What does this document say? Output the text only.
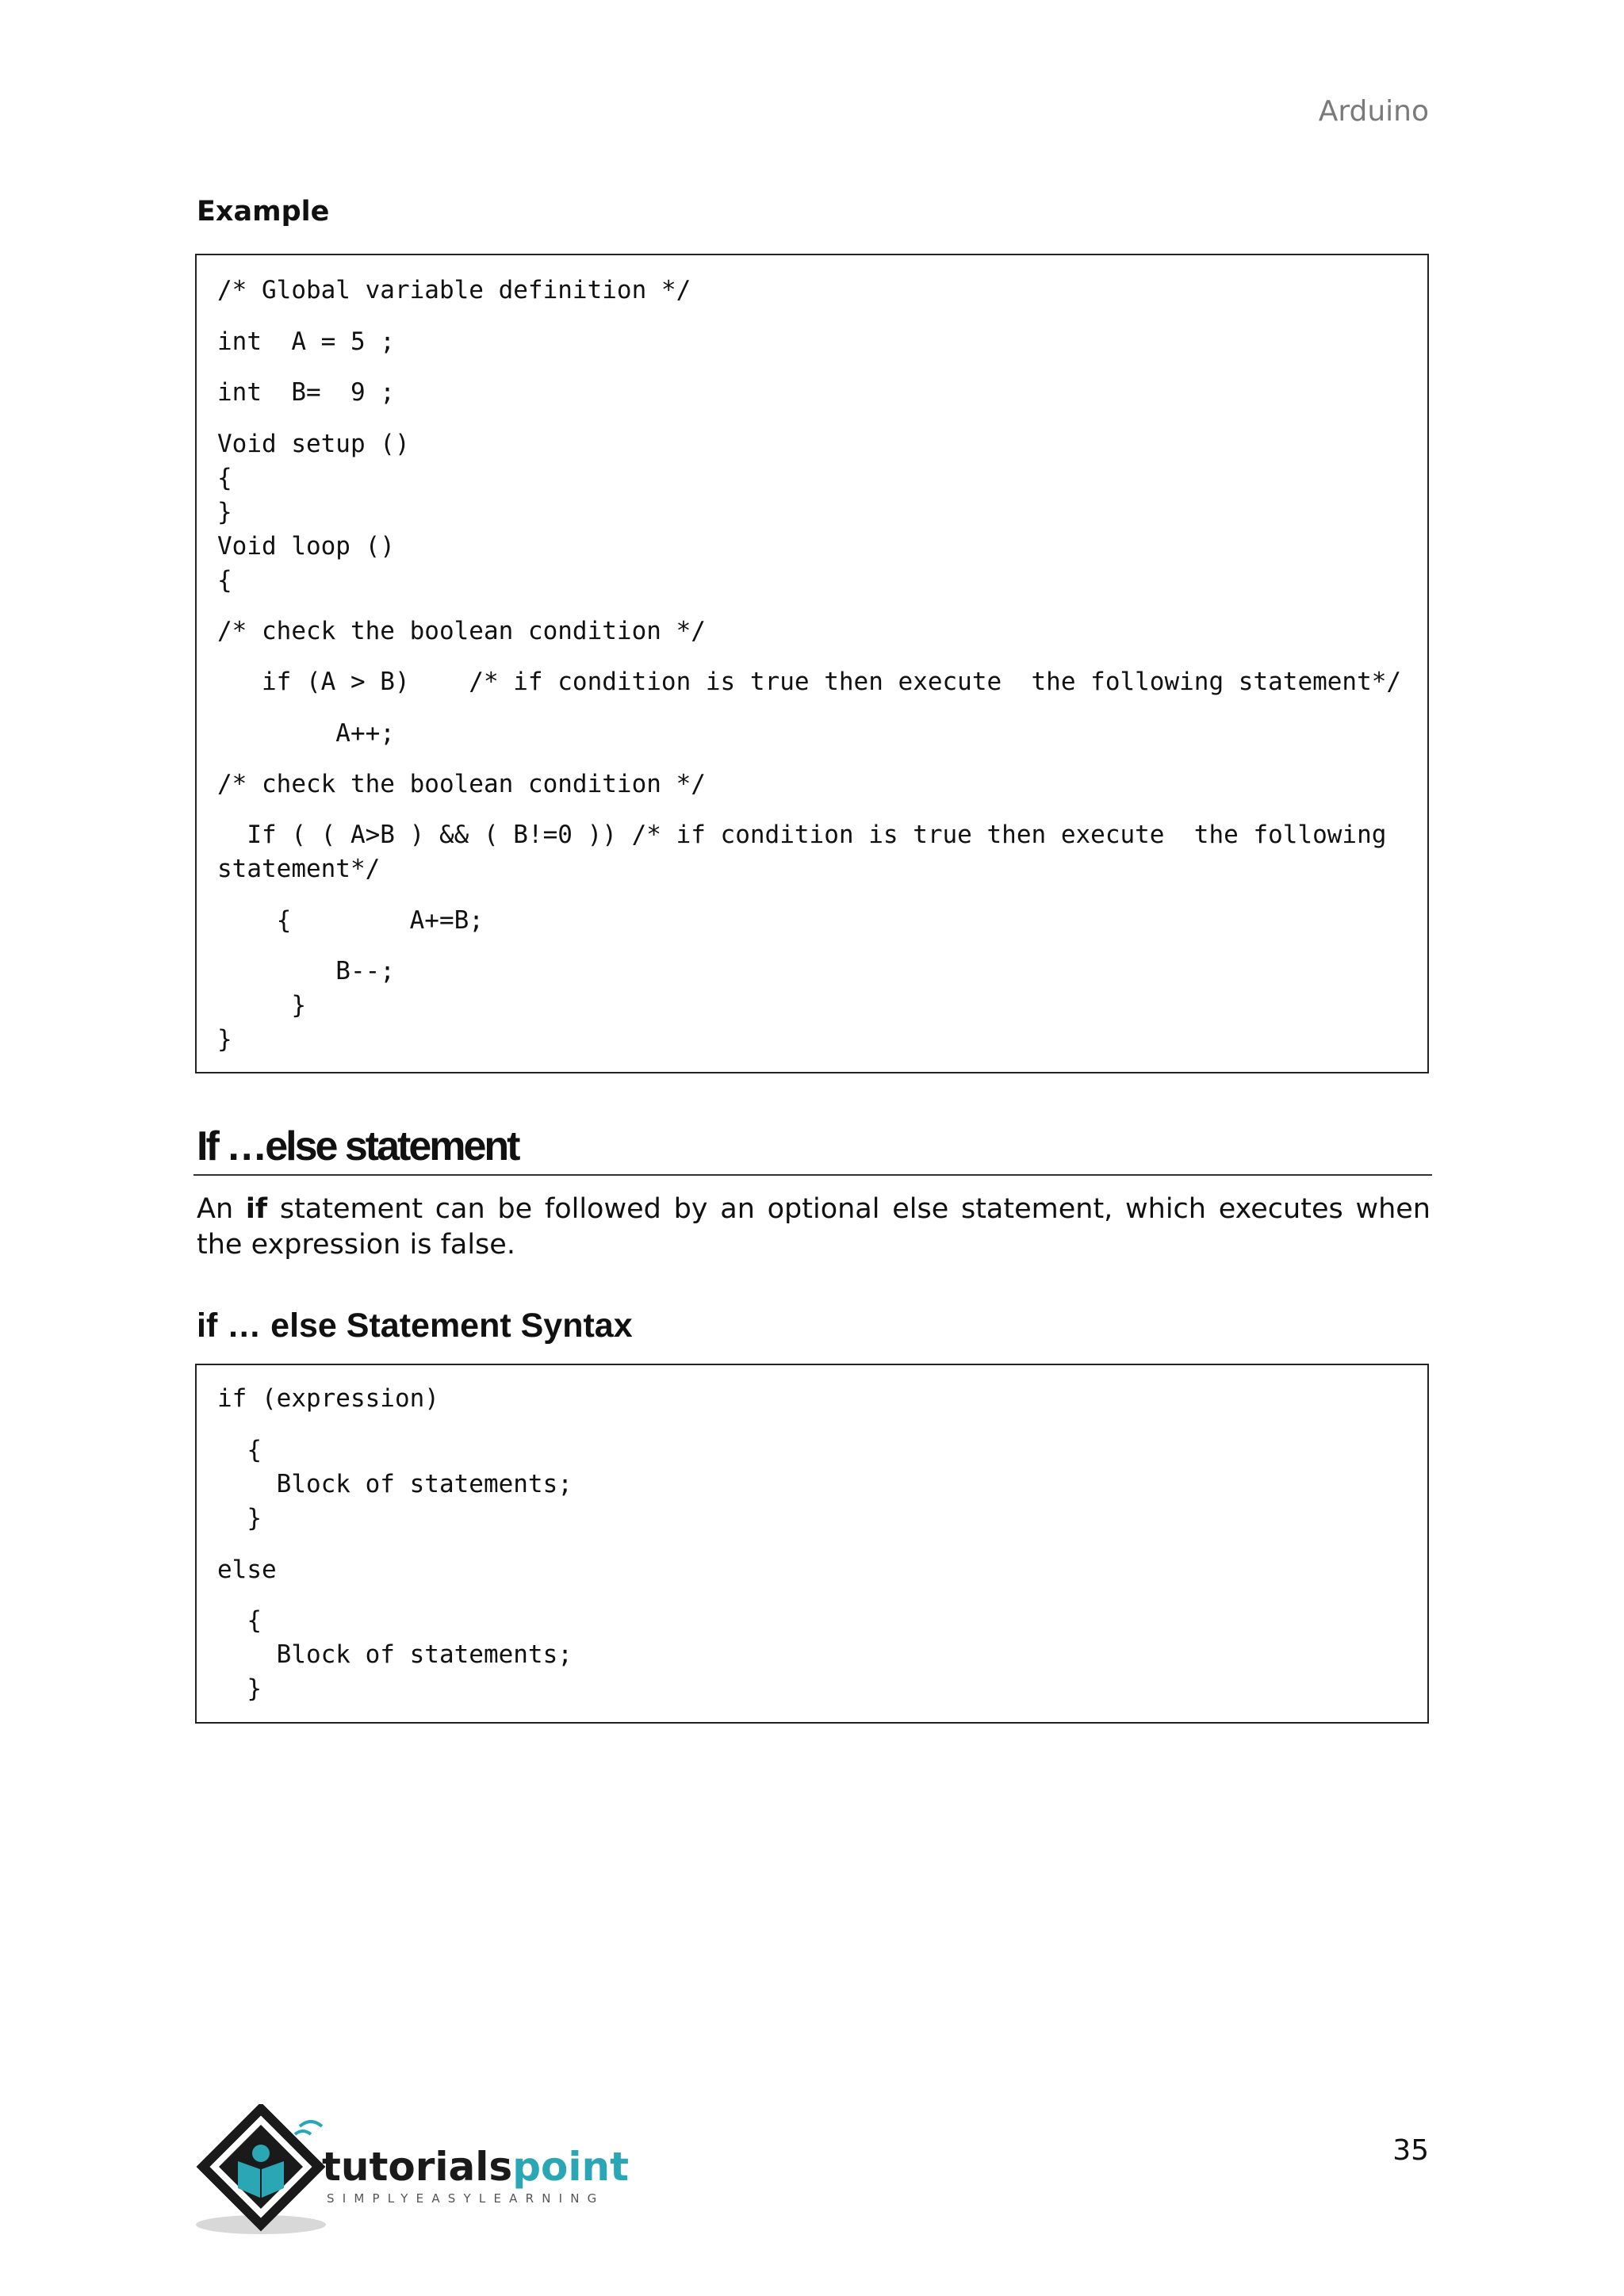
Arduino
Example
/* Global variable definition */
int  A = 5 ;
int  B=  9 ;
Void setup ()
{
}
Void loop ()
{
/* check the boolean condition */
if (A > B)    /* if condition is true then execute  the following statement*/
A++;
/* check the boolean condition */
If ( ( A>B ) && ( B!=0 )) /* if condition is true then execute  the following
statement*/
{        A+=B;
B--;
}
}
If …else statement

An if statement can be followed by an optional else statement, which executes when the expression is false.

if … else Statement Syntax
if (expression)
{
Block of statements;
}
else
{
Block of statements;
}
tutorialspoint
SIMPLYEASYLEARNING
35
